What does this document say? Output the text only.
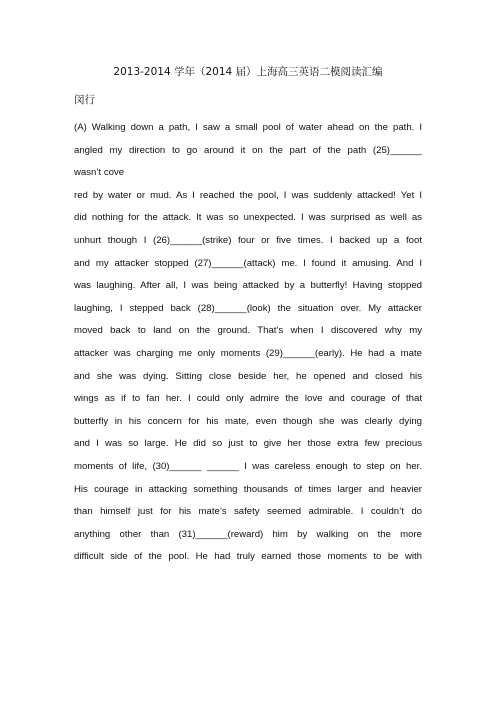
2013-2014 学年（2014 届）上海高三英语二模阅读汇编
闵行
(A) Walking down a path, I saw a small pool of water ahead on the path. I
angled my direction to go around it on the part of the path (25)______
wasn’t cove
red by water or mud. As I reached the pool, I was suddenly attacked! Yet I
did nothing for the attack. It was so unexpected. I was surprised as well as
unhurt though I (26)______(strike) four or five times. I backed up a foot
and my attacker stopped (27)______(attack) me. I found it amusing. And I
was laughing. After all, I was being attacked by a butterfly! Having stopped
laughing, I stepped back (28)______(look) the situation over. My attacker
moved back to land on the ground. That’s when I discovered why my
attacker was charging me only moments (29)______(early). He had a mate
and she was dying. Sitting close beside her, he opened and closed his
wings as if to fan her. I could only admire the love and courage of that
butterfly in his concern for his mate, even though she was clearly dying
and I was so large. He did so just to give her those extra few precious
moments of life, (30)______ ______ I was careless enough to step on her.
His courage in attacking something thousands of times larger and heavier
than himself just for his mate’s safety seemed admirable. I couldn’t do
anything other than (31)______(reward) him by walking on the more
difficult side of the pool. He had truly earned those moments to be with
